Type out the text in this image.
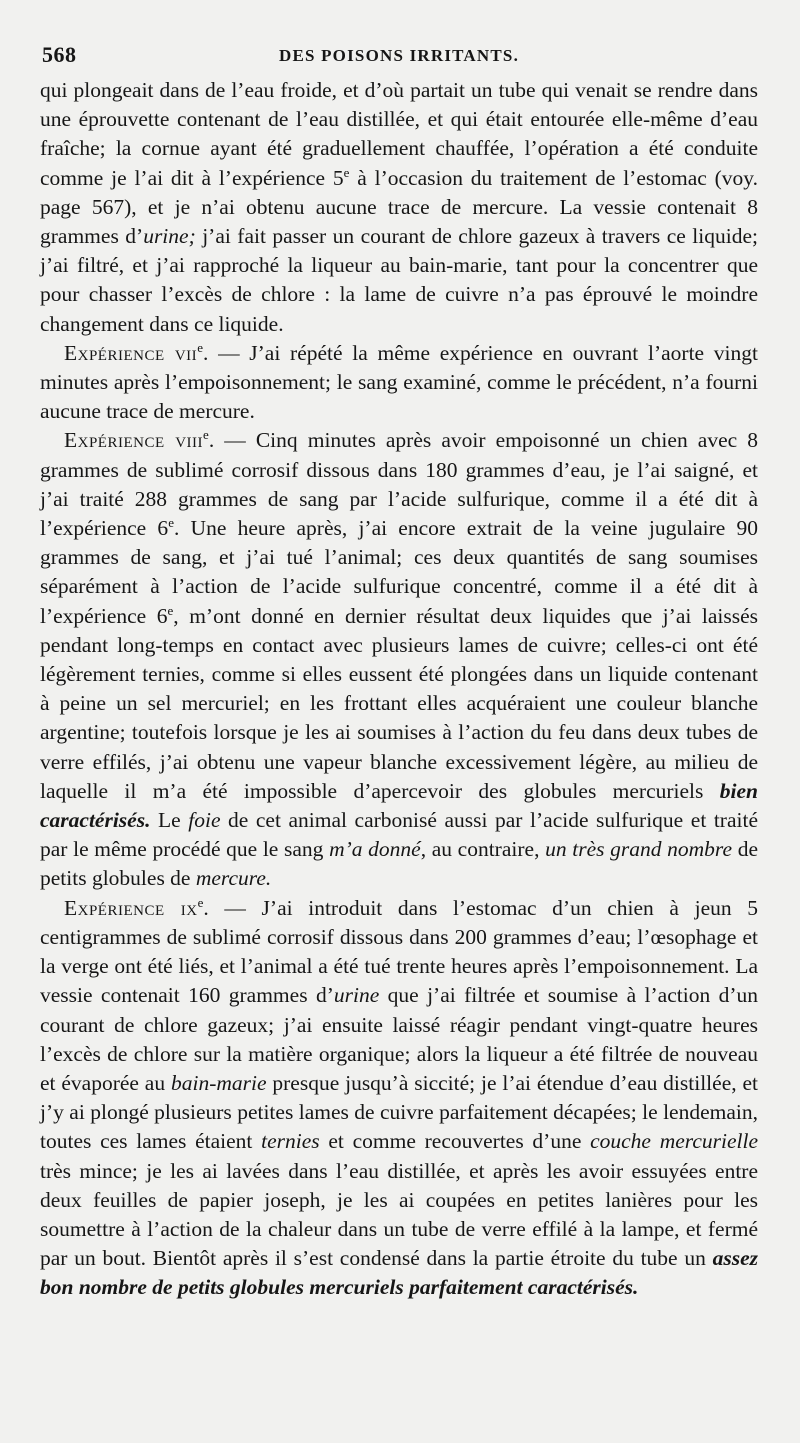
568	DES POISONS IRRITANTS.

qui plongeait dans de l’eau froide, et d’où partait un tube qui venait se rendre dans une éprouvette contenant de l’eau distillée, et qui était entourée elle-même d’eau fraîche; la cornue ayant été graduellement chauffée, l’opération a été conduite comme je l’ai dit à l’expérience 5e à l’occasion du traitement de l’estomac (voy. page 567), et je n’ai obtenu aucune trace de mercure. La vessie contenait 8 grammes d’urine; j’ai fait passer un courant de chlore gazeux à travers ce liquide; j’ai filtré, et j’ai rapproché la liqueur au bain-marie, tant pour la concentrer que pour chasser l’excès de chlore : la lame de cuivre n’a pas éprouvé le moindre changement dans ce liquide.

Expérience vii$^e$. — J’ai répété la même expérience en ouvrant l’aorte vingt minutes après l’empoisonnement; le sang examiné, comme le précédent, n’a fourni aucune trace de mercure.

Expérience viii$^e$. — Cinq minutes après avoir empoisonné un chien avec 8 grammes de sublimé corrosif dissous dans 180 grammes d’eau, je l’ai saigné, et j’ai traité 288 grammes de sang par l’acide sulfurique, comme il a été dit à l’expérience 6e. Une heure après, j’ai encore extrait de la veine jugulaire 90 grammes de sang, et j’ai tué l’animal; ces deux quantités de sang soumises séparément à l’action de l’acide sulfurique concentré, comme il a été dit à l’expérience 6e, m’ont donné en dernier résultat deux liquides que j’ai laissés pendant long-temps en contact avec plusieurs lames de cuivre; celles-ci ont été légèrement ternies, comme si elles eussent été plongées dans un liquide contenant à peine un sel mercuriel; en les frottant elles acquéraient une couleur blanche argentine; toutefois lorsque je les ai soumises à l’action du feu dans deux tubes de verre effilés, j’ai obtenu une vapeur blanche excessivement légère, au milieu de laquelle il m’a été impossible d’apercevoir des globules mercuriels bien caractérisés. Le foie de cet animal carbonisé aussi par l’acide sulfurique et traité par le même procédé que le sang m’a donné, au contraire, un très grand nombre de petits globules de mercure.

Expérience $ix^e$. — J’ai introduit dans l’estomac d’un chien à jeun 5 centigrammes de sublimé corrosif dissous dans 200 grammes d’eau; l’œsophage et la verge ont été liés, et l’animal a été tué trente heures après l’empoisonnement. La vessie contenait 160 grammes d’urine que j’ai filtrée et soumise à l’action d’un courant de chlore gazeux; j’ai ensuite laissé réagir pendant vingt-quatre heures l’excès de chlore sur la matière organique; alors la liqueur a été filtrée de nouveau et évaporée au bain-marie presque jusqu’à siccité; je l’ai étendue d’eau distillée, et j’y ai plongé plusieurs petites lames de cuivre parfaitement décapées; le lendemain, toutes ces lames étaient ternies et comme recouvertes d’une couche mercurielle très mince; je les ai lavées dans l’eau distillée, et après les avoir essuyées entre deux feuilles de papier joseph, je les ai coupées en petites lanières pour les soumettre à l’action de la chaleur dans un tube de verre effilé à la lampe, et fermé par un bout. Bientôt après il s’est condensé dans la partie étroite du tube un assez bon nombre de petits globules mercuriels parfaitement caractérisés.
